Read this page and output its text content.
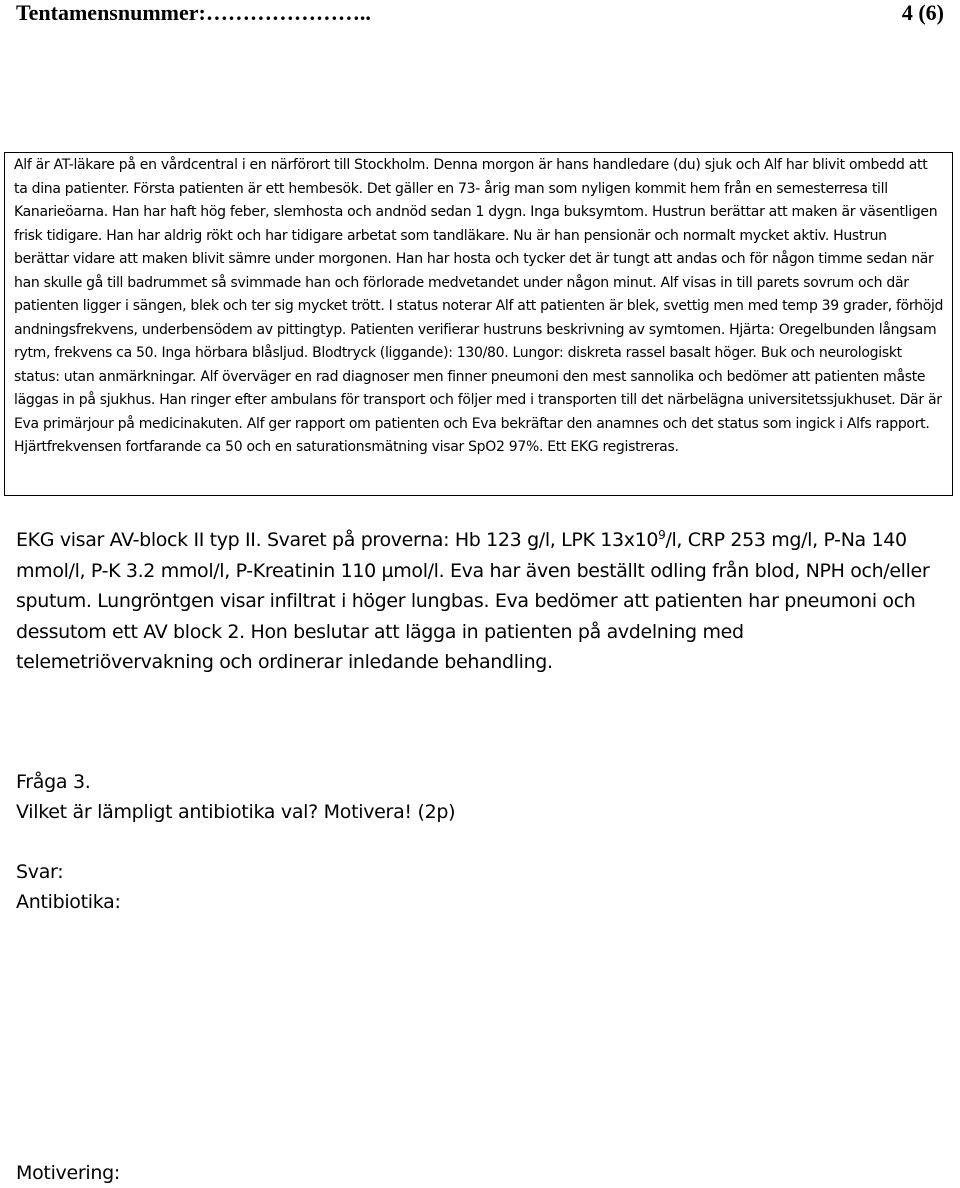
Tentamensnummer:…………………..	4 (6)

Alf är AT-läkare på en vårdcentral i en närförort till Stockholm. Denna morgon är hans handledare (du) sjuk och Alf har blivit ombedd att ta dina patienter. Första patienten är ett hembesök. Det gäller en 73- årig man som nyligen kommit hem från en semesterresa till Kanarieöarna. Han har haft hög feber, slemhosta och andnöd sedan 1 dygn. Inga buksymtom. Hustrun berättar att maken är väsentligen frisk tidigare. Han har aldrig rökt och har tidigare arbetat som tandläkare. Nu är han pensionär och normalt mycket aktiv. Hustrun berättar vidare att maken blivit sämre under morgonen. Han har hosta och tycker det är tungt att andas och för någon timme sedan när han skulle gå till badrummet så svimmade han och förlorade medvetandet under någon minut. Alf visas in till parets sovrum och där patienten ligger i sängen, blek och ter sig mycket trött. I status noterar Alf att patienten är blek, svettig men med temp 39 grader, förhöjd andningsfrekvens, underbensödem av pittingtyp. Patienten verifierar hustruns beskrivning av symtomen. Hjärta: Oregelbunden långsam rytm, frekvens ca 50. Inga hörbara blåsljud. Blodtryck (liggande): 130/80. Lungor: diskreta rassel basalt höger. Buk och neurologiskt status: utan anmärkningar. Alf överväger en rad diagnoser men finner pneumoni den mest sannolika och bedömer att patienten måste läggas in på sjukhus. Han ringer efter ambulans för transport och följer med i transporten till det närbelägna universitetssjukhuset. Där är Eva primärjour på medicinakuten. Alf ger rapport om patienten och Eva bekräftar den anamnes och det status som ingick i Alfs rapport. Hjärtfrekvensen fortfarande ca 50 och en saturationsmätning visar SpO2 97%. Ett EKG registreras.

EKG visar AV-block II typ II. Svaret på proverna: Hb 123 g/l, LPK $13x10^9/l$, CRP 253 mg/l, P-Na 140 mmol/l, P-K 3.2 mmol/l, P-Kreatinin 110 µmol/l. Eva har även beställt odling från blod, NPH och/eller sputum. Lungröntgen visar infiltrat i höger lungbas. Eva bedömer att patienten har pneumoni och dessutom ett AV block 2. Hon beslutar att lägga in patienten på avdelning med telemetriövervakning och ordinerar inledande behandling.

Fråga 3.
Vilket är lämpligt antibiotika val? Motivera! (2p)
Svar:
Antibiotika:
Motivering:
